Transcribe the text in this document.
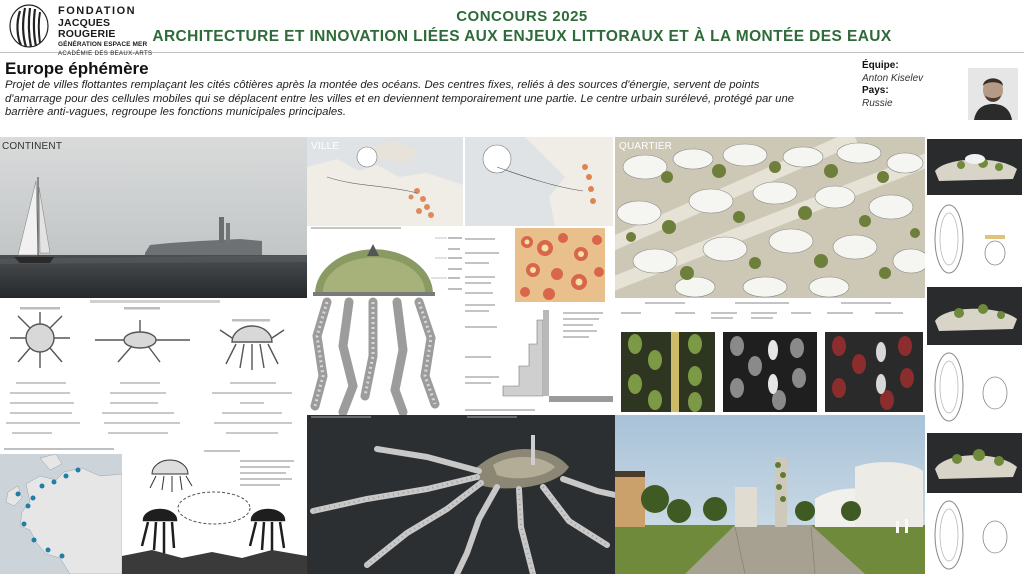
FONDATION
JACQUES ROUGERIE
GÉNÉRATION ESPACE MER
ACADÉMIE DES BEAUX-ARTS
CONCOURS 2025
ARCHITECTURE ET INNOVATION LIÉES AUX ENJEUX LITTORAUX ET À LA MONTÉE DES EAUX
Europe éphémère
Projet de villes flottantes remplaçant les cités côtières après la montée des océans. Des centres fixes, reliés à des sources d'énergie, servent de points d'amarrage pour des cellules mobiles qui se déplacent entre les villes et en deviennent temporairement une partie. Le centre urbain surélevé, protégé par une barrière anti-vagues, regroupe les fonctions municipales principales.
Équipe:
Anton Kiselev
Pays:
Russie
CONTINENT	VILLE	QUARTIER
